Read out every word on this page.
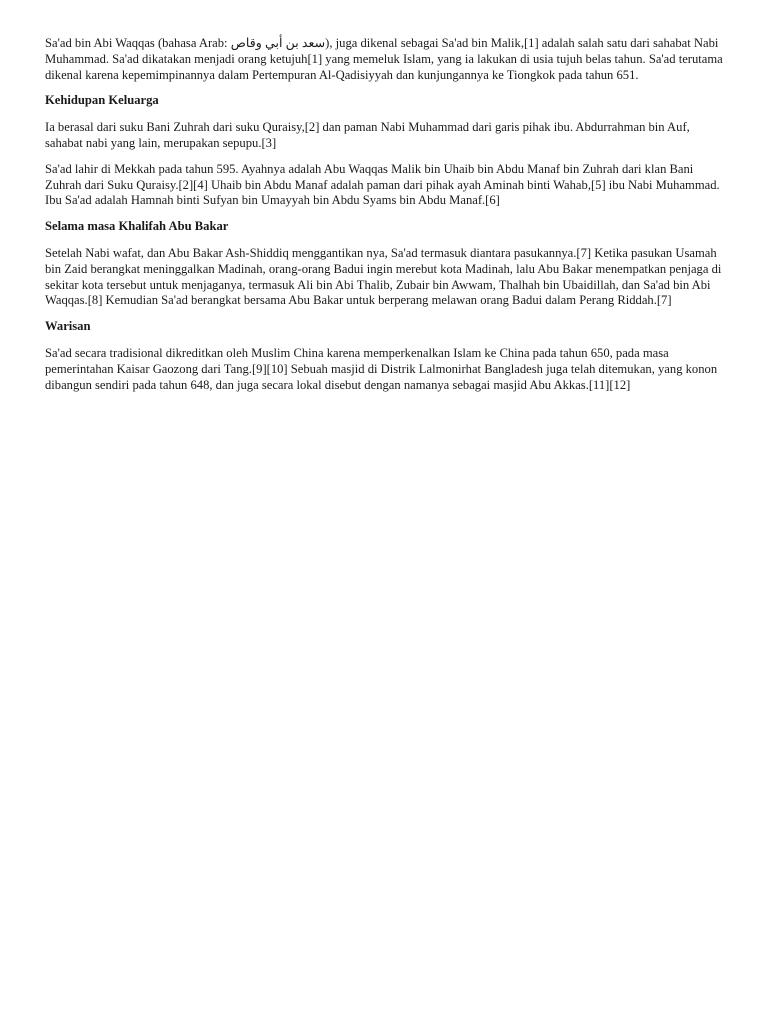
Sa'ad bin Abi Waqqas (bahasa Arab: سعد بن أبي وقاص), juga dikenal sebagai Sa'ad bin Malik,[1] adalah salah satu dari sahabat Nabi Muhammad. Sa'ad dikatakan menjadi orang ketujuh[1] yang memeluk Islam, yang ia lakukan di usia tujuh belas tahun. Sa'ad terutama dikenal karena kepemimpinannya dalam Pertempuran Al-Qadisiyyah dan kunjungannya ke Tiongkok pada tahun 651.

Kehidupan Keluarga

Ia berasal dari suku Bani Zuhrah dari suku Quraisy,[2] dan paman Nabi Muhammad dari garis pihak ibu. Abdurrahman bin Auf, sahabat nabi yang lain, merupakan sepupu.[3]

Sa'ad lahir di Mekkah pada tahun 595. Ayahnya adalah Abu Waqqas Malik bin Uhaib bin Abdu Manaf bin Zuhrah dari klan Bani Zuhrah dari Suku Quraisy.[2][4] Uhaib bin Abdu Manaf adalah paman dari pihak ayah Aminah binti Wahab,[5] ibu Nabi Muhammad. Ibu Sa'ad adalah Hamnah binti Sufyan bin Umayyah bin Abdu Syams bin Abdu Manaf.[6]

Selama masa Khalifah Abu Bakar

Setelah Nabi wafat, dan Abu Bakar Ash-Shiddiq menggantikan nya, Sa'ad termasuk diantara pasukannya.[7] Ketika pasukan Usamah bin Zaid berangkat meninggalkan Madinah, orang-orang Badui ingin merebut kota Madinah, lalu Abu Bakar menempatkan penjaga di sekitar kota tersebut untuk menjaganya, termasuk Ali bin Abi Thalib, Zubair bin Awwam, Thalhah bin Ubaidillah, dan Sa'ad bin Abi Waqqas.[8] Kemudian Sa'ad berangkat bersama Abu Bakar untuk berperang melawan orang Badui dalam Perang Riddah.[7]

Warisan

Sa'ad secara tradisional dikreditkan oleh Muslim China karena memperkenalkan Islam ke China pada tahun 650, pada masa pemerintahan Kaisar Gaozong dari Tang.[9][10] Sebuah masjid di Distrik Lalmonirhat Bangladesh juga telah ditemukan, yang konon dibangun sendiri pada tahun 648, dan juga secara lokal disebut dengan namanya sebagai masjid Abu Akkas.[11][12]
